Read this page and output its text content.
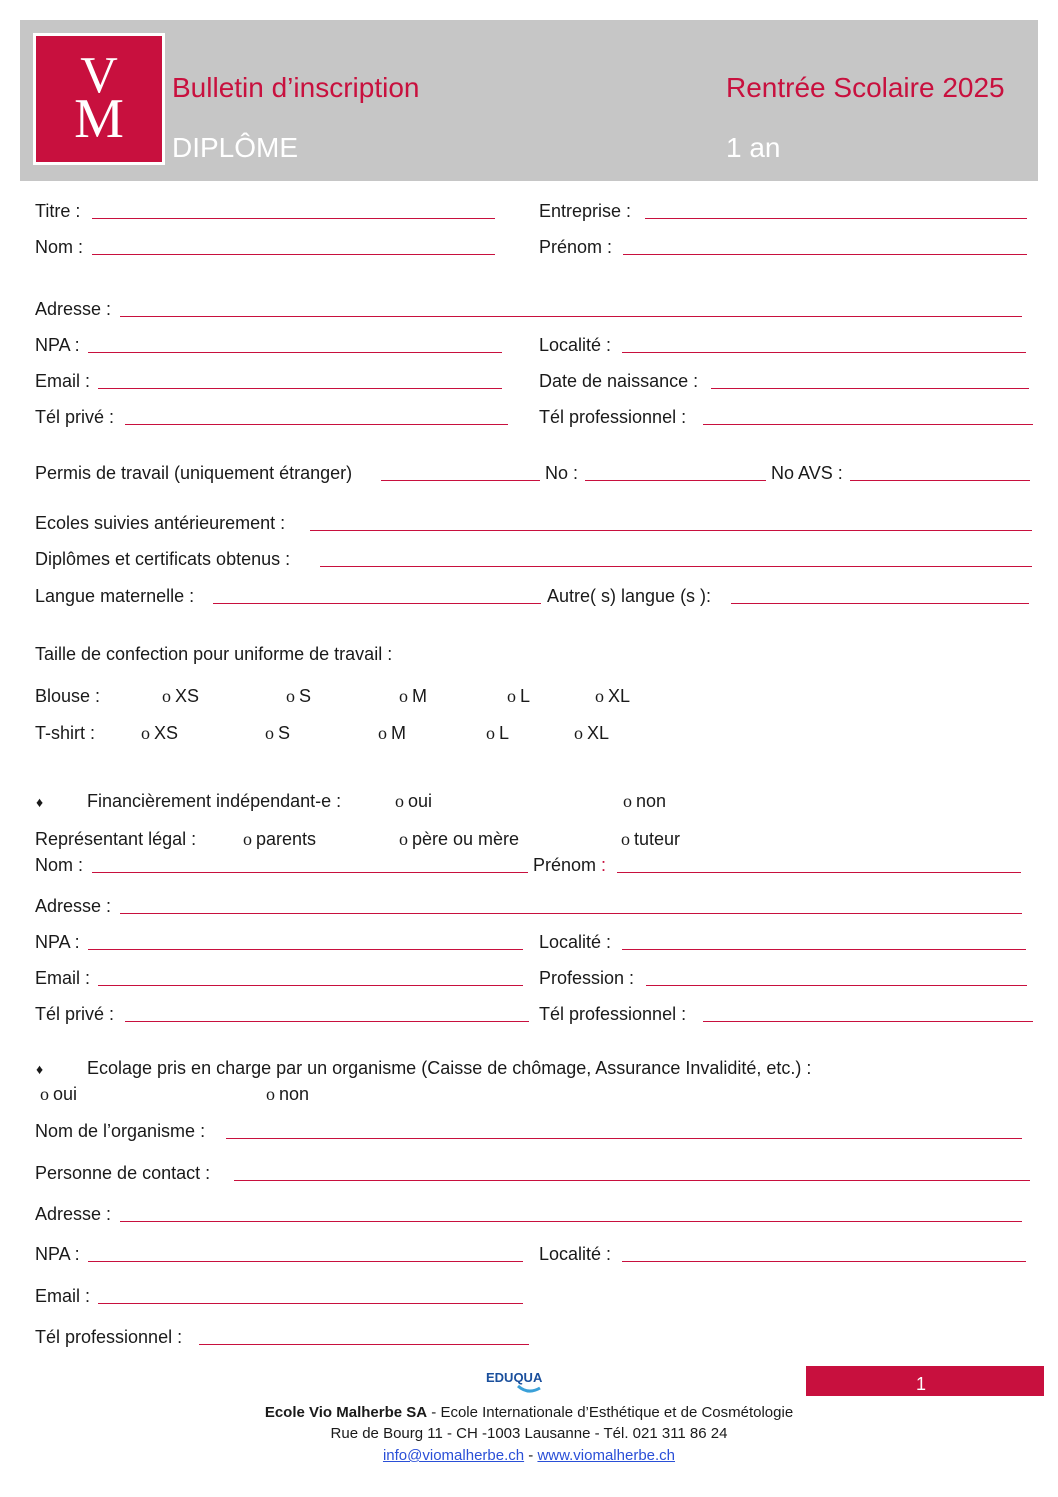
V
M
Bulletin d’inscription
DIPLÔME
Rentrée Scolaire 2025
1 an
Titre :	Entreprise :
Nom :	Prénom :
Adresse :
NPA :	Localité :
Email :	Date de naissance :
Tél privé :	Tél professionnel :
Permis de travail (uniquement étranger)	No :	No AVS :
Ecoles suivies antérieurement :
Diplômes et certificats obtenus :
Langue maternelle :	Autre( s) langue (s ):
Taille de confection pour uniforme de travail :
Blouse :	o XS	o S	o M	o L	o XL
T-shirt :	o XS	o S	o M	o L	o XL
♦ Financièrement indépendant-e :	o oui	o non
Représentant légal :	o parents	o père ou mère	o tuteur
Nom :	Prénom :
Adresse :
NPA :	Localité :
Email :	Profession :
Tél privé :	Tél professionnel :
♦ Ecolage pris en charge par un organisme (Caisse de chômage, Assurance Invalidité, etc.) :
o oui	o non
Nom de l’organisme :
Personne de contact :
Adresse :
NPA :	Localité :
Email :
Tél professionnel :
EDUQUA	1
Ecole Vio Malherbe SA - Ecole Internationale d’Esthétique et de Cosmétologie
Rue de Bourg 11 - CH -1003 Lausanne - Tél. 021 311 86 24
info@viomalherbe.ch - www.viomalherbe.ch
